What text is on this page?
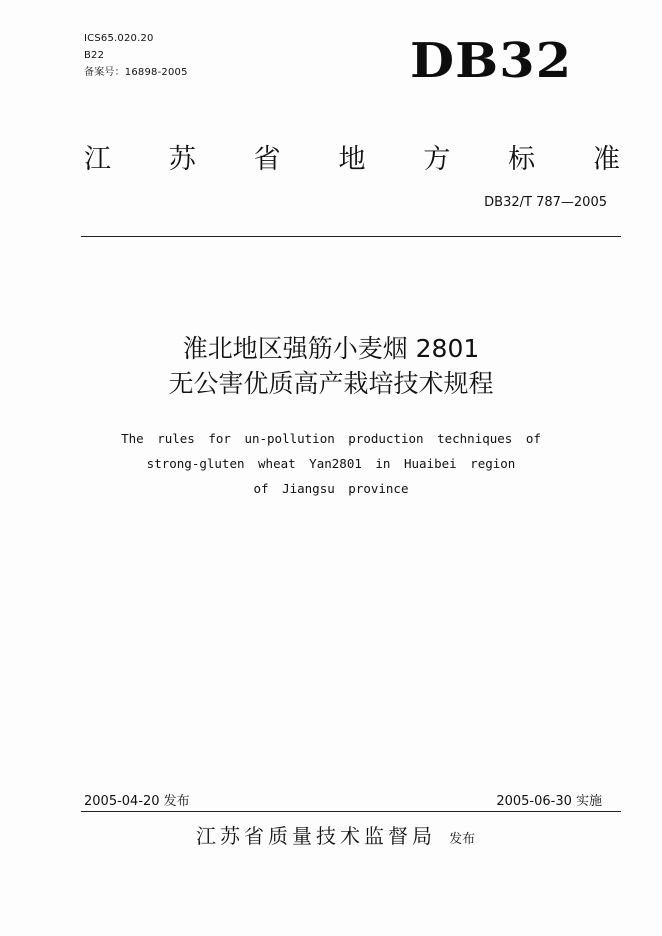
ICS65.020.20
B22
备案号：16898-2005	DB32
江 苏 省 地 方 标 准
DB32/T 787—2005
淮北地区强筋小麦烟 2801
无公害优质高产栽培技术规程
The rules for un-pollution production techniques of
strong-gluten wheat Yan2801 in Huaibei region
of Jiangsu province
2005-04-20 发布	2005-06-30 实施
江苏省质量技术监督局 发布
